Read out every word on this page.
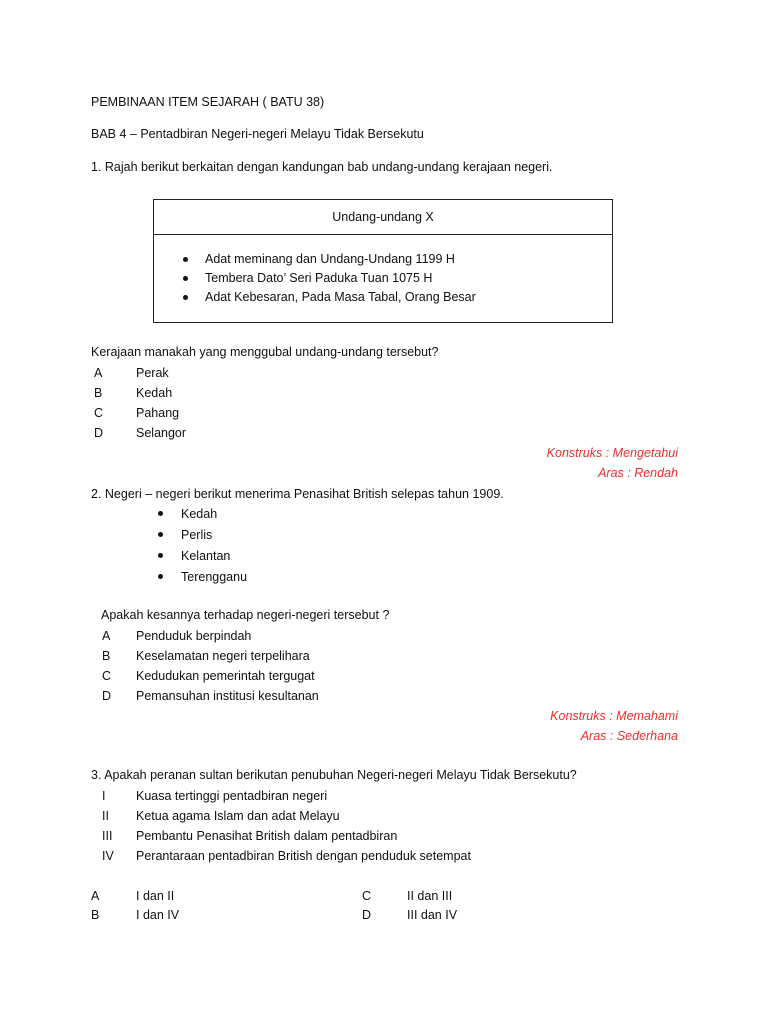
PEMBINAAN ITEM SEJARAH ( BATU 38)
BAB 4 – Pentadbiran Negeri-negeri Melayu Tidak Bersekutu
1. Rajah berikut berkaitan dengan kandungan bab undang-undang kerajaan negeri.
Undang-undang X
Adat meminang dan Undang-Undang 1199 H
Tembera Dato’ Seri Paduka Tuan 1075 H
Adat Kebesaran, Pada Masa Tabal, Orang Besar
Kerajaan manakah yang menggubal undang-undang tersebut?
A	Perak
B	Kedah
C	Pahang
D	Selangor
Konstruks : Mengetahui
Aras : Rendah
2. Negeri – negeri berikut menerima Penasihat British selepas tahun 1909.
Kedah
Perlis
Kelantan
Terengganu
Apakah kesannya terhadap negeri-negeri tersebut ?
A Penduduk berpindah
B Keselamatan negeri terpelihara
C Kedudukan pemerintah tergugat
D Pemansuhan institusi kesultanan
Konstruks : Memahami
Aras : Sederhana
3. Apakah peranan sultan berikutan penubuhan Negeri-negeri Melayu Tidak Bersekutu?
I Kuasa tertinggi pentadbiran negeri
II Ketua agama Islam dan adat Melayu
III Pembantu Penasihat British dalam pentadbiran
IV Perantaraan pentadbiran British dengan penduduk setempat
A	I dan II	C	II dan III
B	I dan IV	D	III dan IV
